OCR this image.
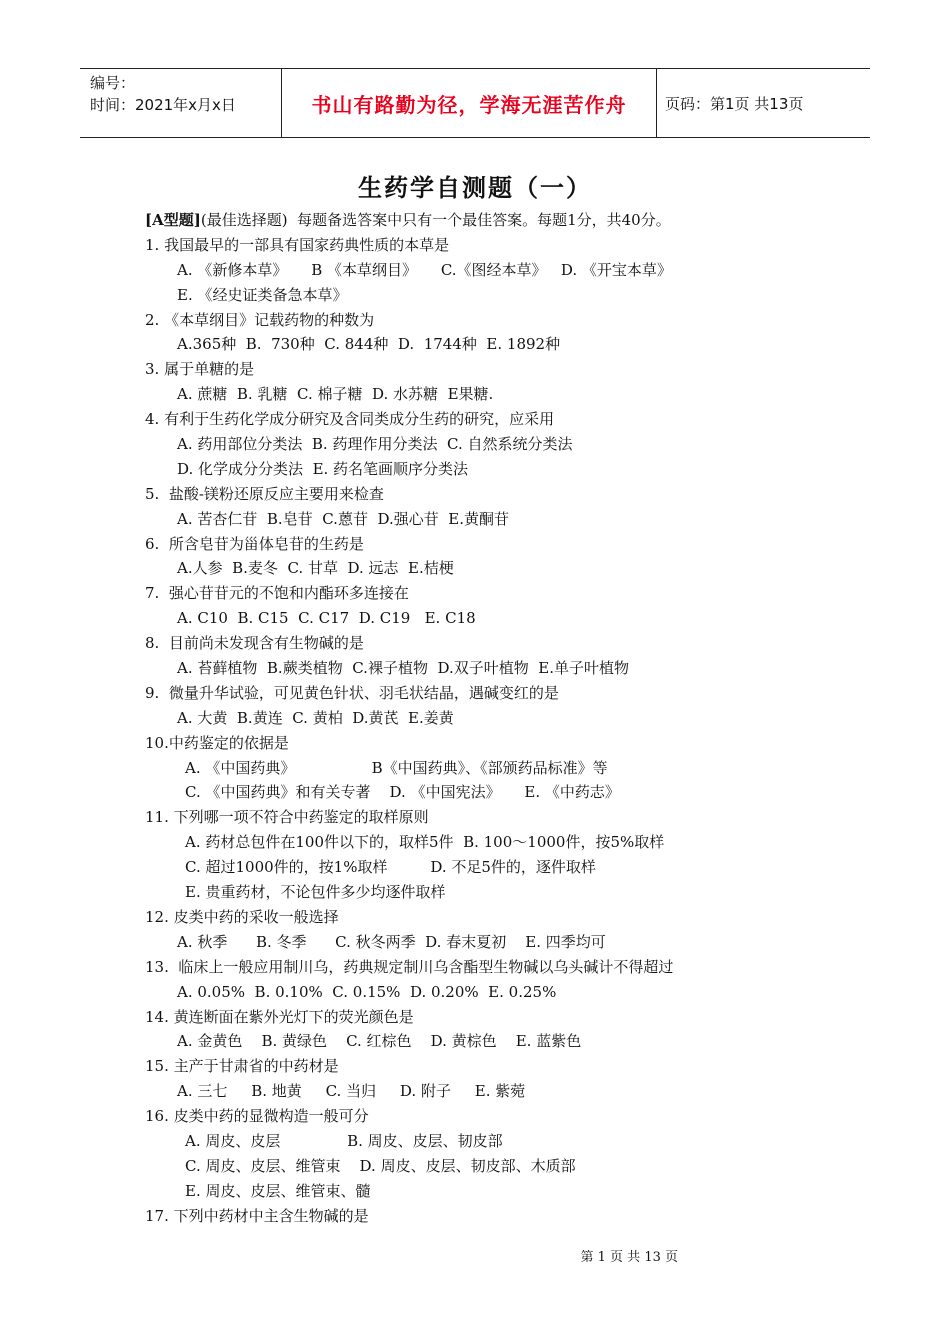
编号：
时间：2021年x月x日	书山有路勤为径，学海无涯苦作舟	页码：第1页 共13页
生药学自测题（一）
[A型题](最佳选择题)  每题备选答案中只有一个最佳答案。每题1分，共40分。
1. 我国最早的一部具有国家药典性质的本草是
A. 《新修本草》     B 《本草纲目》     C.《图经本草》   D. 《开宝本草》
E. 《经史证类备急本草》
2. 《本草纲目》记载药物的种数为
A.365种  B.  730种  C. 844种  D.  1744种  E. 1892种
3. 属于单糖的是
A. 蔗糖  B. 乳糖  C. 棉子糖  D. 水苏糖  E果糖.
4. 有利于生药化学成分研究及含同类成分生药的研究，应采用
A. 药用部位分类法  B. 药理作用分类法  C. 自然系统分类法
D. 化学成分分类法  E. 药名笔画顺序分类法
5.  盐酸-镁粉还原反应主要用来检查
A. 苦杏仁苷  B.皂苷  C.蒽苷  D.强心苷  E.黄酮苷
6.  所含皂苷为甾体皂苷的生药是
A.人参  B.麦冬  C. 甘草  D. 远志  E.桔梗
7.  强心苷苷元的不饱和内酯环多连接在
A. C10  B. C15  C. C17  D. C19   E. C18
8.  目前尚未发现含有生物碱的是
A. 苔藓植物  B.蕨类植物  C.裸子植物  D.双子叶植物  E.单子叶植物
9.  微量升华试验，可见黄色针状、羽毛状结晶，遇碱变红的是
A. 大黄  B.黄连  C. 黄柏  D.黄芪  E.姜黄
10.中药鉴定的依据是
A. 《中国药典》                B《中国药典》、《部颁药品标准》等
C. 《中国药典》和有关专著    D. 《中国宪法》     E. 《中药志》
11. 下列哪一项不符合中药鉴定的取样原则
A. 药材总包件在100件以下的，取样5件  B. 100～1000件，按5%取样
C. 超过1000件的，按1%取样         D. 不足5件的，逐件取样
E. 贵重药材，不论包件多少均逐件取样
12. 皮类中药的采收一般选择
A. 秋季      B. 冬季      C. 秋冬两季  D. 春末夏初    E. 四季均可
13.  临床上一般应用制川乌，药典规定制川乌含酯型生物碱以乌头碱计不得超过
A. 0.05%  B. 0.10%  C. 0.15%  D. 0.20%  E. 0.25%
14. 黄连断面在紫外光灯下的荧光颜色是
A. 金黄色    B. 黄绿色    C. 红棕色    D. 黄棕色    E. 蓝紫色
15. 主产于甘肃省的中药材是
A. 三七     B. 地黄     C. 当归     D. 附子     E. 紫菀
16. 皮类中药的显微构造一般可分
A. 周皮、皮层              B. 周皮、皮层、韧皮部
C. 周皮、皮层、维管束    D. 周皮、皮层、韧皮部、木质部
E. 周皮、皮层、维管束、髓
17. 下列中药材中主含生物碱的是
第 1 页 共 13 页
